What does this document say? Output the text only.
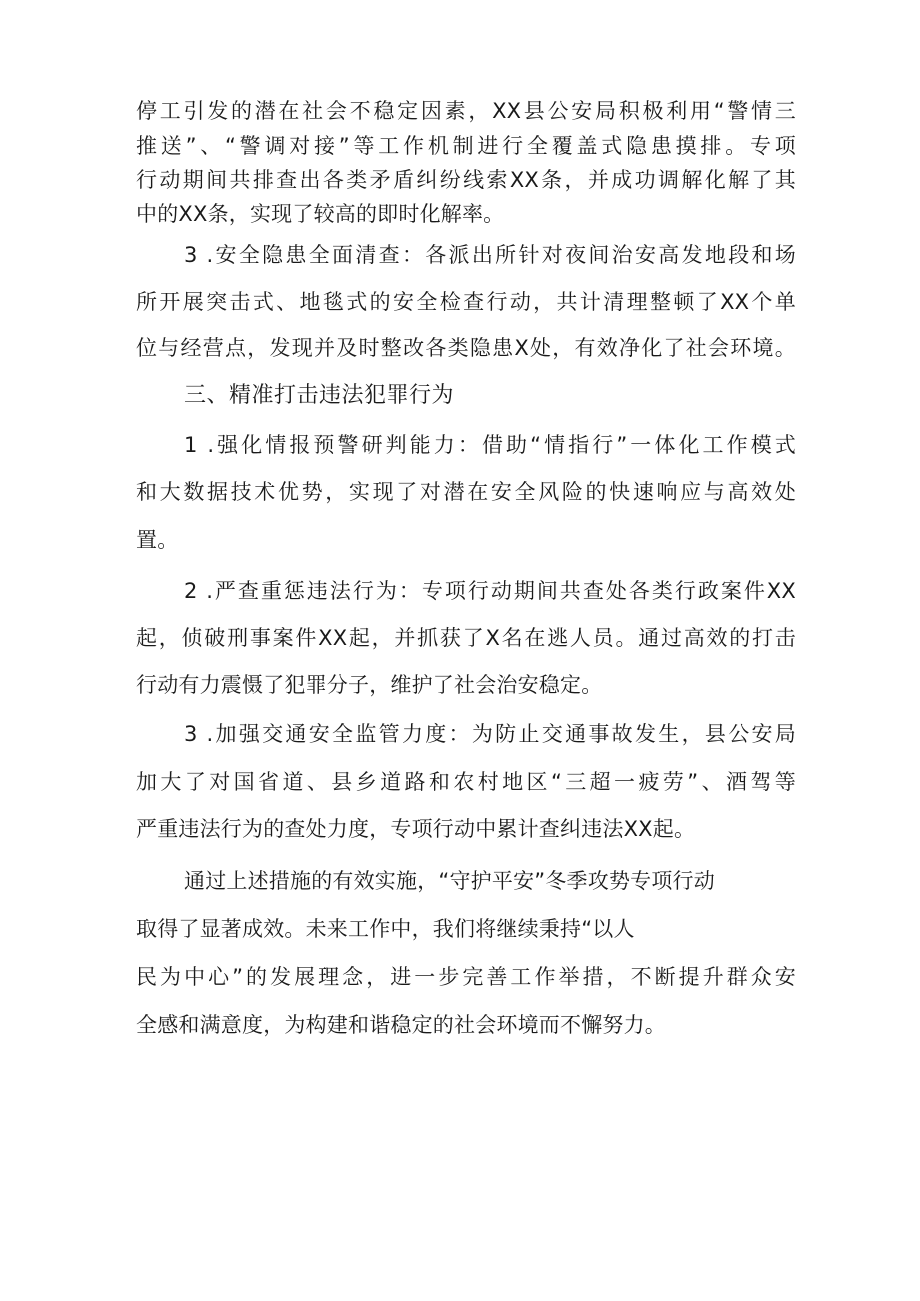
停工引发的潜在社会不稳定因素，XX县公安局积极利用“警情三
推送”、“警调对接”等工作机制进行全覆盖式隐患摸排。专项
行动期间共排查出各类矛盾纠纷线索XX条，并成功调解化解了其
中的XX条，实现了较高的即时化解率。
3 .安全隐患全面清查：各派出所针对夜间治安高发地段和场
所开展突击式、地毯式的安全检查行动，共计清理整顿了XX个单
位与经营点，发现并及时整改各类隐患X处，有效净化了社会环境。
三、精准打击违法犯罪行为
1 .强化情报预警研判能力：借助“情指行”一体化工作模式
和大数据技术优势，实现了对潜在安全风险的快速响应与高效处
置。
2 .严查重惩违法行为：专项行动期间共查处各类行政案件XX
起，侦破刑事案件XX起，并抓获了X名在逃人员。通过高效的打击
行动有力震慑了犯罪分子，维护了社会治安稳定。
3 .加强交通安全监管力度：为防止交通事故发生，县公安局
加大了对国省道、县乡道路和农村地区“三超一疲劳”、酒驾等
严重违法行为的查处力度，专项行动中累计查纠违法XX起。
通过上述措施的有效实施，“守护平安”冬季攻势专项行动
取得了显著成效。未来工作中，我们将继续秉持“以人
民为中心”的发展理念，进一步完善工作举措，不断提升群众安
全感和满意度，为构建和谐稳定的社会环境而不懈努力。
